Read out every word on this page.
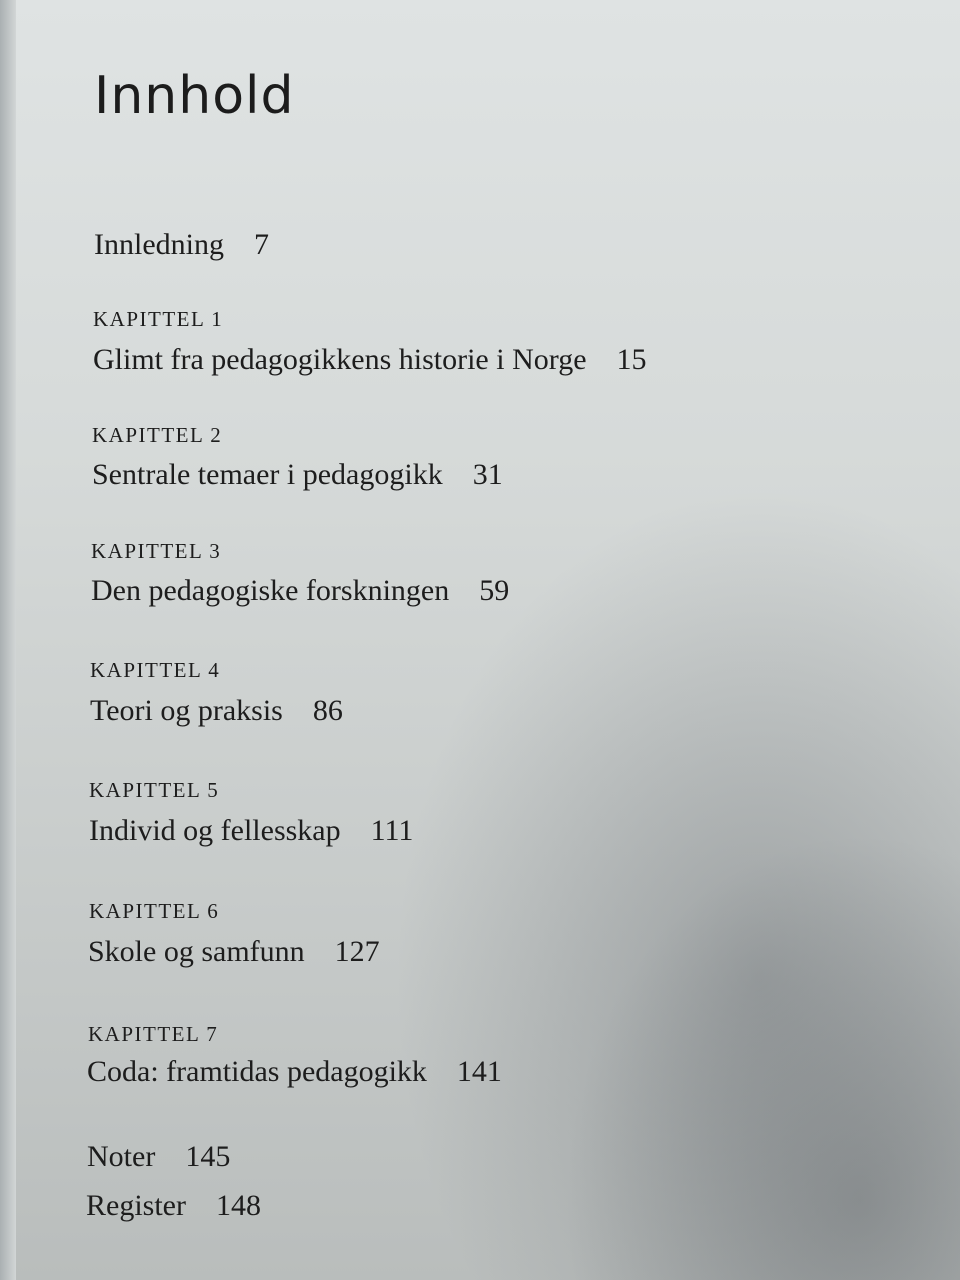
Innhold
Innledning 7
KAPITTEL 1
Glimt fra pedagogikkens historie i Norge 15
KAPITTEL 2
Sentrale temaer i pedagogikk 31
KAPITTEL 3
Den pedagogiske forskningen 59
KAPITTEL 4
Teori og praksis 86
KAPITTEL 5
Individ og fellesskap 111
KAPITTEL 6
Skole og samfunn 127
KAPITTEL 7
Coda: framtidas pedagogikk 141
Noter 145
Register 148
